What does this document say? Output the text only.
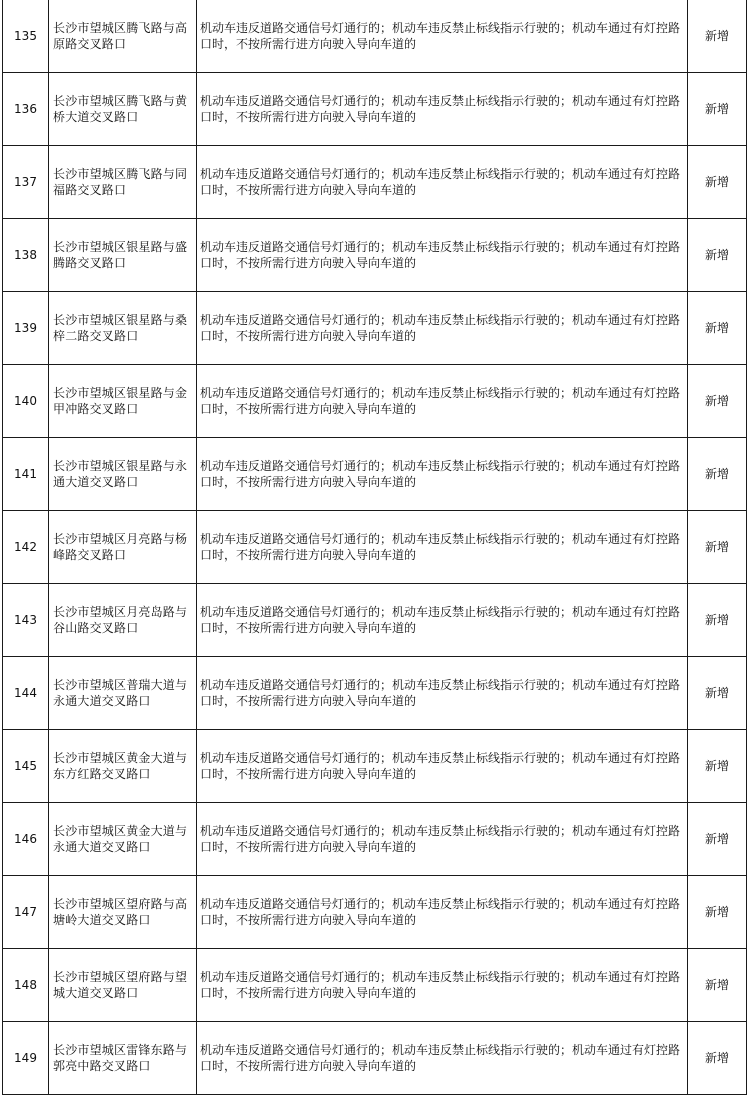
135	长沙市望城区腾飞路与高原路交叉路口	机动车违反道路交通信号灯通行的；机动车违反禁止标线指示行驶的；机动车通过有灯控路口时，不按所需行进方向驶入导向车道的	新增
136	长沙市望城区腾飞路与黄桥大道交叉路口	机动车违反道路交通信号灯通行的；机动车违反禁止标线指示行驶的；机动车通过有灯控路口时，不按所需行进方向驶入导向车道的	新增
137	长沙市望城区腾飞路与同福路交叉路口	机动车违反道路交通信号灯通行的；机动车违反禁止标线指示行驶的；机动车通过有灯控路口时，不按所需行进方向驶入导向车道的	新增
138	长沙市望城区银星路与盛腾路交叉路口	机动车违反道路交通信号灯通行的；机动车违反禁止标线指示行驶的；机动车通过有灯控路口时，不按所需行进方向驶入导向车道的	新增
139	长沙市望城区银星路与桑梓二路交叉路口	机动车违反道路交通信号灯通行的；机动车违反禁止标线指示行驶的；机动车通过有灯控路口时，不按所需行进方向驶入导向车道的	新增
140	长沙市望城区银星路与金甲冲路交叉路口	机动车违反道路交通信号灯通行的；机动车违反禁止标线指示行驶的；机动车通过有灯控路口时，不按所需行进方向驶入导向车道的	新增
141	长沙市望城区银星路与永通大道交叉路口	机动车违反道路交通信号灯通行的；机动车违反禁止标线指示行驶的；机动车通过有灯控路口时，不按所需行进方向驶入导向车道的	新增
142	长沙市望城区月亮路与杨峰路交叉路口	机动车违反道路交通信号灯通行的；机动车违反禁止标线指示行驶的；机动车通过有灯控路口时，不按所需行进方向驶入导向车道的	新增
143	长沙市望城区月亮岛路与谷山路交叉路口	机动车违反道路交通信号灯通行的；机动车违反禁止标线指示行驶的；机动车通过有灯控路口时，不按所需行进方向驶入导向车道的	新增
144	长沙市望城区普瑞大道与永通大道交叉路口	机动车违反道路交通信号灯通行的；机动车违反禁止标线指示行驶的；机动车通过有灯控路口时，不按所需行进方向驶入导向车道的	新增
145	长沙市望城区黄金大道与东方红路交叉路口	机动车违反道路交通信号灯通行的；机动车违反禁止标线指示行驶的；机动车通过有灯控路口时，不按所需行进方向驶入导向车道的	新增
146	长沙市望城区黄金大道与永通大道交叉路口	机动车违反道路交通信号灯通行的；机动车违反禁止标线指示行驶的；机动车通过有灯控路口时，不按所需行进方向驶入导向车道的	新增
147	长沙市望城区望府路与高塘岭大道交叉路口	机动车违反道路交通信号灯通行的；机动车违反禁止标线指示行驶的；机动车通过有灯控路口时，不按所需行进方向驶入导向车道的	新增
148	长沙市望城区望府路与望城大道交叉路口	机动车违反道路交通信号灯通行的；机动车违反禁止标线指示行驶的；机动车通过有灯控路口时，不按所需行进方向驶入导向车道的	新增
149	长沙市望城区雷锋东路与郭亮中路交叉路口	机动车违反道路交通信号灯通行的；机动车违反禁止标线指示行驶的；机动车通过有灯控路口时，不按所需行进方向驶入导向车道的	新增
